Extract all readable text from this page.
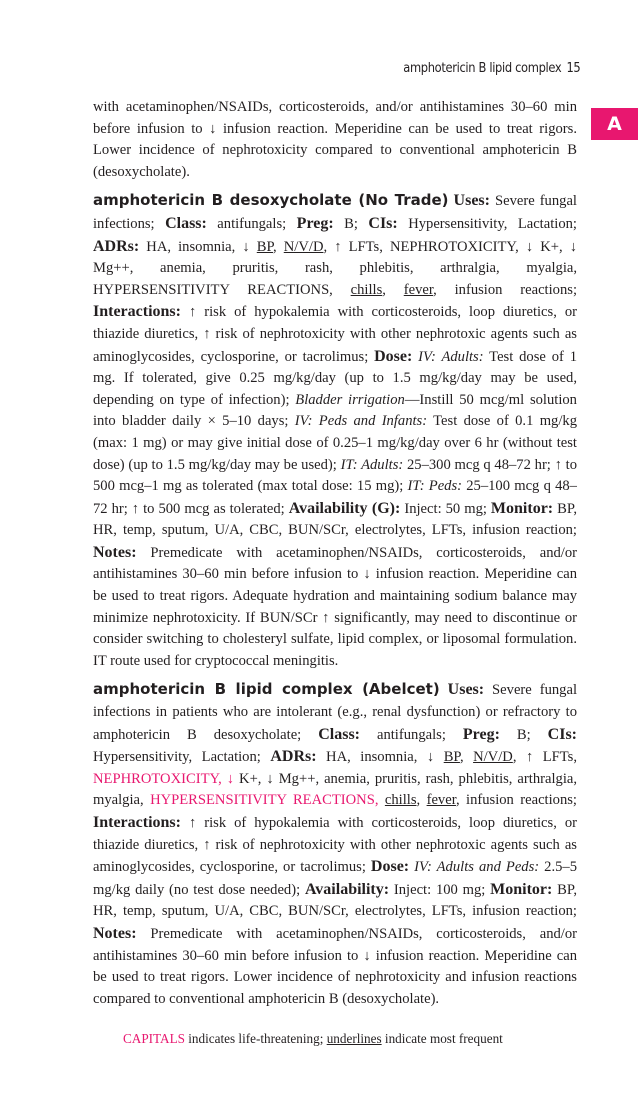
amphotericin B lipid complex 15
A

with acetaminophen/NSAIDs, corticosteroids, and/or antihistamines 30–60 min before infusion to ↓ infusion reaction. Meperidine can be used to treat rigors. Lower incidence of nephrotoxicity compared to conventional amphotericin B (desoxycholate).

amphotericin B desoxycholate (No Trade) Uses: Severe fungal infections; Class: antifungals; Preg: B; CIs: Hypersensitivity, Lactation; ADRs: HA, insomnia, ↓ BP, N/V/D, ↑ LFTs, NEPHROTOXICITY, ↓ K+, ↓ Mg++, anemia, pruritis, rash, phlebitis, arthralgia, myalgia, HYPERSENSITIVITY REACTIONS, chills, fever, infusion reactions; Interactions: ↑ risk of hypokalemia with corticosteroids, loop diuretics, or thiazide diuretics, ↑ risk of nephrotoxicity with other nephrotoxic agents such as aminoglycosides, cyclosporine, or tacrolimus; Dose: IV: Adults: Test dose of 1 mg. If tolerated, give 0.25 mg/kg/day (up to 1.5 mg/kg/day may be used, depending on type of infection); Bladder irrigation—Instill 50 mcg/ml solution into bladder daily × 5–10 days; IV: Peds and Infants: Test dose of 0.1 mg/kg (max: 1 mg) or may give initial dose of 0.25–1 mg/kg/day over 6 hr (without test dose) (up to 1.5 mg/kg/day may be used); IT: Adults: 25–300 mcg q 48–72 hr; ↑ to 500 mcg–1 mg as tolerated (max total dose: 15 mg); IT: Peds: 25–100 mcg q 48–72 hr; ↑ to 500 mcg as tolerated; Availability (G): Inject: 50 mg; Monitor: BP, HR, temp, sputum, U/A, CBC, BUN/SCr, electrolytes, LFTs, infusion reaction; Notes: Premedicate with acetaminophen/NSAIDs, corticosteroids, and/or antihistamines 30–60 min before infusion to ↓ infusion reaction. Meperidine can be used to treat rigors. Adequate hydration and maintaining sodium balance may minimize nephrotoxicity. If BUN/SCr ↑ significantly, may need to discontinue or consider switching to cholesteryl sulfate, lipid complex, or liposomal formulation. IT route used for cryptococcal meningitis.

amphotericin B lipid complex (Abelcet) Uses: Severe fungal infections in patients who are intolerant (e.g., renal dysfunction) or refractory to amphotericin B desoxycholate; Class: antifungals; Preg: B; CIs: Hypersensitivity, Lactation; ADRs: HA, insomnia, ↓ BP, N/V/D, ↑ LFTs, NEPHROTOXICITY, ↓ K+, ↓ Mg++, anemia, pruritis, rash, phlebitis, arthralgia, myalgia, HYPERSENSITIVITY REACTIONS, chills, fever, infusion reactions; Interactions: ↑ risk of hypokalemia with corticosteroids, loop diuretics, or thiazide diuretics, ↑ risk of nephrotoxicity with other nephrotoxic agents such as aminoglycosides, cyclosporine, or tacrolimus; Dose: IV: Adults and Peds: 2.5–5 mg/kg daily (no test dose needed); Availability: Inject: 100 mg; Monitor: BP, HR, temp, sputum, U/A, CBC, BUN/SCr, electrolytes, LFTs, infusion reaction; Notes: Premedicate with acetaminophen/NSAIDs, corticosteroids, and/or antihistamines 30–60 min before infusion to ↓ infusion reaction. Meperidine can be used to treat rigors. Lower incidence of nephrotoxicity and infusion reactions compared to conventional amphotericin B (desoxycholate).

CAPITALS indicates life-threatening; underlines indicate most frequent
